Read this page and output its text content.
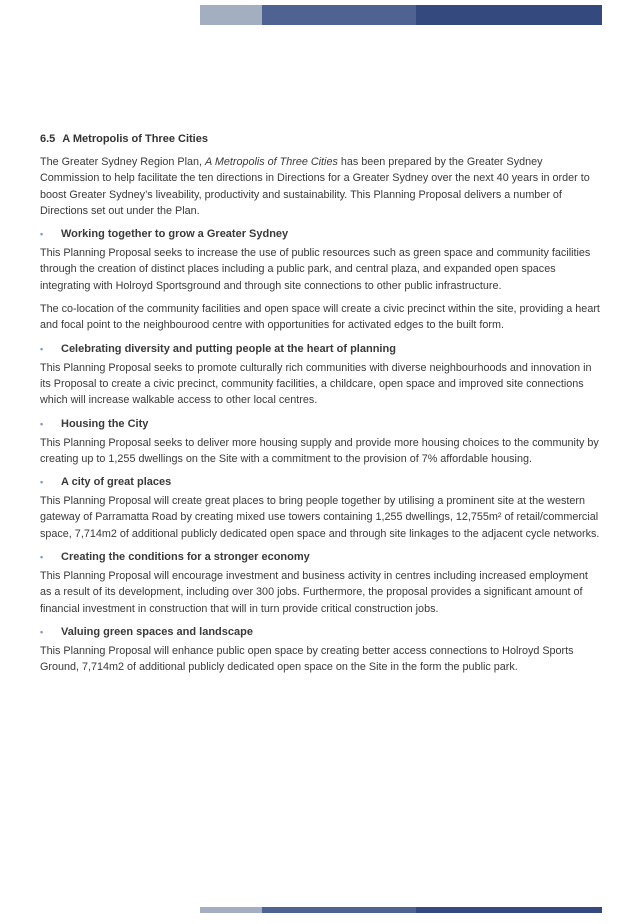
6.5 A Metropolis of Three Cities

The Greater Sydney Region Plan, A Metropolis of Three Cities has been prepared by the Greater Sydney Commission to help facilitate the ten directions in Directions for a Greater Sydney over the next 40 years in order to boost Greater Sydney’s liveability, productivity and sustainability. This Planning Proposal delivers a number of Directions set out under the Plan.

•	Working together to grow a Greater Sydney

This Planning Proposal seeks to increase the use of public resources such as green space and community facilities through the creation of distinct places including a public park, and central plaza, and expanded open spaces integrating with Holroyd Sportsground and through site connections to other public infrastructure.

The co-location of the community facilities and open space will create a civic precinct within the site, providing a heart and focal point to the neighbourood centre with opportunities for activated edges to the built form.

•	Celebrating diversity and putting people at the heart of planning

This Planning Proposal seeks to promote culturally rich communities with diverse neighbourhoods and innovation in its Proposal to create a civic precinct, community facilities, a childcare, open space and improved site connections which will increase walkable access to other local centres.

•	Housing the City

This Planning Proposal seeks to deliver more housing supply and provide more housing choices to the community by creating up to 1,255 dwellings on the Site with a commitment to the provision of 7% affordable housing.

•	A city of great places

This Planning Proposal will create great places to bring people together by utilising a prominent site at the western gateway of Parramatta Road by creating mixed use towers containing 1,255 dwellings, 12,755m² of retail/commercial space, 7,714m2 of additional publicly dedicated open space and through site linkages to the adjacent cycle networks.

•	Creating the conditions for a stronger economy

This Planning Proposal will encourage investment and business activity in centres including increased employment as a result of its development, including over 300 jobs. Furthermore, the proposal provides a significant amount of financial investment in construction that will in turn provide critical construction jobs.

•	Valuing green spaces and landscape

This Planning Proposal will enhance public open space by creating better access connections to Holroyd Sports Ground, 7,714m2 of additional publicly dedicated open space on the Site in the form the public park.
